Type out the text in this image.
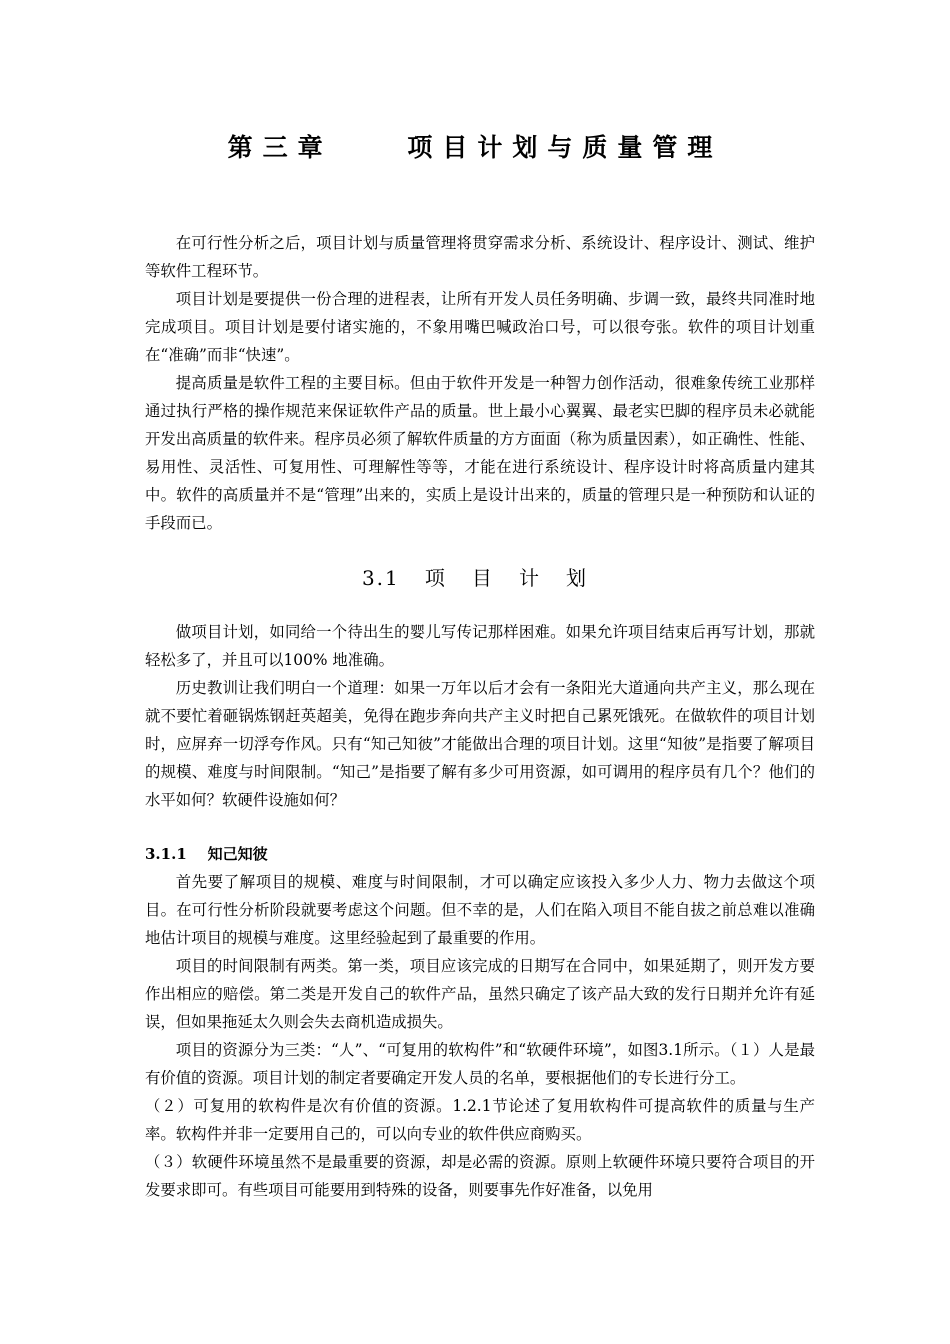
第三章    项目计划与质量管理

在可行性分析之后，项目计划与质量管理将贯穿需求分析、系统设计、程序设计、测试、维护等软件工程环节。

项目计划是要提供一份合理的进程表，让所有开发人员任务明确、步调一致，最终共同准时地完成项目。项目计划是要付诸实施的，不象用嘴巴喊政治口号，可以很夸张。软件的项目计划重在“准确”而非“快速”。

提高质量是软件工程的主要目标。但由于软件开发是一种智力创作活动，很难象传统工业那样通过执行严格的操作规范来保证软件产品的质量。世上最小心翼翼、最老实巴脚的程序员未必就能开发出高质量的软件来。程序员必须了解软件质量的方方面面（称为质量因素），如正确性、性能、易用性、灵活性、可复用性、可理解性等等，才能在进行系统设计、程序设计时将高质量内建其中。软件的高质量并不是“管理”出来的，实质上是设计出来的，质量的管理只是一种预防和认证的手段而已。

3.1   项   目   计   划

做项目计划，如同给一个待出生的婴儿写传记那样困难。如果允许项目结束后再写计划，那就轻松多了，并且可以100% 地准确。

历史教训让我们明白一个道理：如果一万年以后才会有一条阳光大道通向共产主义，那么现在就不要忙着砸锅炼钢赶英超美，免得在跑步奔向共产主义时把自己累死饿死。在做软件的项目计划时，应屏弃一切浮夸作风。只有“知己知彼”才能做出合理的项目计划。这里“知彼”是指要了解项目的规模、难度与时间限制。“知己”是指要了解有多少可用资源，如可调用的程序员有几个？他们的水平如何？软硬件设施如何？

3.1.1    知己知彼

首先要了解项目的规模、难度与时间限制，才可以确定应该投入多少人力、物力去做这个项目。在可行性分析阶段就要考虑这个问题。但不幸的是，人们在陷入项目不能自拔之前总难以准确地估计项目的规模与难度。这里经验起到了最重要的作用。

项目的时间限制有两类。第一类，项目应该完成的日期写在合同中，如果延期了，则开发方要作出相应的赔偿。第二类是开发自己的软件产品，虽然只确定了该产品大致的发行日期并允许有延误，但如果拖延太久则会失去商机造成损失。

项目的资源分为三类：“人”、“可复用的软构件”和“软硬件环境”，如图3.1所示。（１）人是最有价值的资源。项目计划的制定者要确定开发人员的名单，要根据他们的专长进行分工。

（２）可复用的软构件是次有价值的资源。1.2.1节论述了复用软构件可提高软件的质量与生产率。软构件并非一定要用自己的，可以向专业的软件供应商购买。

（３）软硬件环境虽然不是最重要的资源，却是必需的资源。原则上软硬件环境只要符合项目的开发要求即可。有些项目可能要用到特殊的设备，则要事先作好准备，以免用
